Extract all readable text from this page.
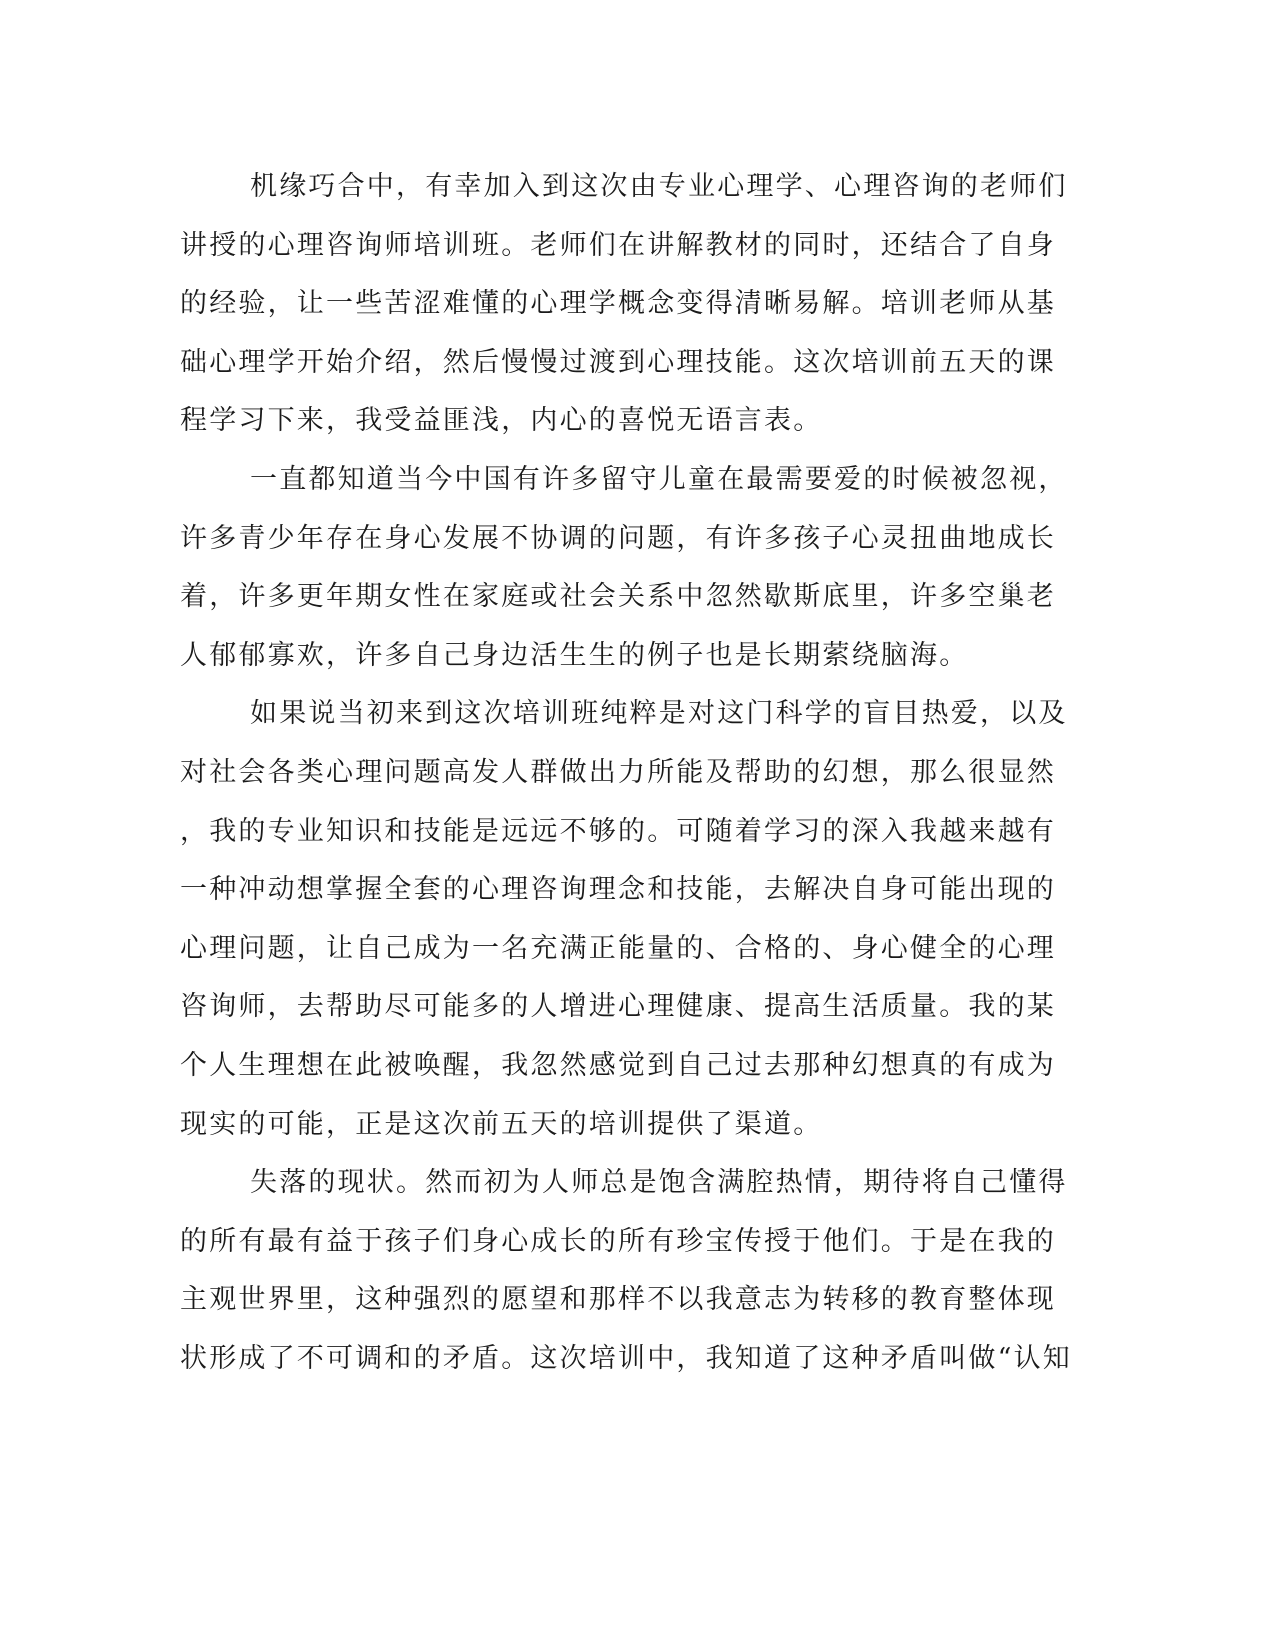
机缘巧合中，有幸加入到这次由专业心理学、心理咨询的老师们
讲授的心理咨询师培训班。老师们在讲解教材的同时，还结合了自身
的经验，让一些苦涩难懂的心理学概念变得清晰易解。培训老师从基
础心理学开始介绍，然后慢慢过渡到心理技能。这次培训前五天的课
程学习下来，我受益匪浅，内心的喜悦无语言表。
一直都知道当今中国有许多留守儿童在最需要爱的时候被忽视，
许多青少年存在身心发展不协调的问题，有许多孩子心灵扭曲地成长
着，许多更年期女性在家庭或社会关系中忽然歇斯底里，许多空巢老
人郁郁寡欢，许多自己身边活生生的例子也是长期萦绕脑海。
如果说当初来到这次培训班纯粹是对这门科学的盲目热爱，以及
对社会各类心理问题高发人群做出力所能及帮助的幻想，那么很显然
，我的专业知识和技能是远远不够的。可随着学习的深入我越来越有
一种冲动想掌握全套的心理咨询理念和技能，去解决自身可能出现的
心理问题，让自己成为一名充满正能量的、合格的、身心健全的心理
咨询师，去帮助尽可能多的人增进心理健康、提高生活质量。我的某
个人生理想在此被唤醒，我忽然感觉到自己过去那种幻想真的有成为
现实的可能，正是这次前五天的培训提供了渠道。
失落的现状。然而初为人师总是饱含满腔热情，期待将自己懂得
的所有最有益于孩子们身心成长的所有珍宝传授于他们。于是在我的
主观世界里，这种强烈的愿望和那样不以我意志为转移的教育整体现
状形成了不可调和的矛盾。这次培训中，我知道了这种矛盾叫做“认知
